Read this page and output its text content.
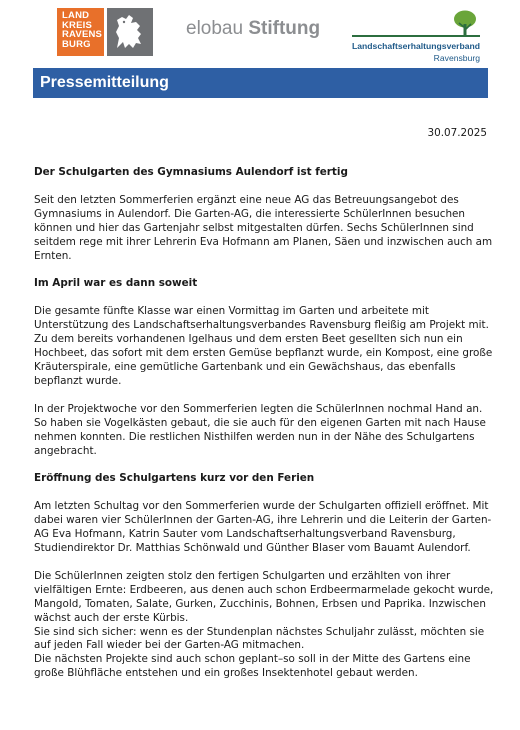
LAND
KREIS
RAVENS
BURG
elobau Stiftung
Landschaftserhaltungsverband
Ravensburg
Pressemitteilung
30.07.2025
Der Schulgarten des Gymnasiums Aulendorf ist fertig

Seit den letzten Sommerferien ergänzt eine neue AG das Betreuungsangebot des Gymnasiums in Aulendorf. Die Garten-AG, die interessierte SchülerInnen besuchen können und hier das Gartenjahr selbst mitgestalten dürfen. Sechs SchülerInnen sind seitdem rege mit ihrer Lehrerin Eva Hofmann am Planen, Säen und inzwischen auch am Ernten.

Im April war es dann soweit

Die gesamte fünfte Klasse war einen Vormittag im Garten und arbeitete mit Unterstützung des Landschaftserhaltungsverbandes Ravensburg fleißig am Projekt mit. Zu dem bereits vorhandenen Igelhaus und dem ersten Beet gesellten sich nun ein Hochbeet, das sofort mit dem ersten Gemüse bepflanzt wurde, ein Kompost, eine große Kräuterspirale, eine gemütliche Gartenbank und ein Gewächshaus, das ebenfalls bepflanzt wurde.

In der Projektwoche vor den Sommerferien legten die SchülerInnen nochmal Hand an. So haben sie Vogelkästen gebaut, die sie auch für den eigenen Garten mit nach Hause nehmen konnten. Die restlichen Nisthilfen werden nun in der Nähe des Schulgartens angebracht.

Eröffnung des Schulgartens kurz vor den Ferien

Am letzten Schultag vor den Sommerferien wurde der Schulgarten offiziell eröffnet. Mit dabei waren vier SchülerInnen der Garten-AG, ihre Lehrerin und die Leiterin der Garten-AG Eva Hofmann, Katrin Sauter vom Landschaftserhaltungsverband Ravensburg, Studiendirektor Dr. Matthias Schönwald und Günther Blaser vom Bauamt Aulendorf.

Die SchülerInnen zeigten stolz den fertigen Schulgarten und erzählten von ihrer vielfältigen Ernte: Erdbeeren, aus denen auch schon Erdbeermarmelade gekocht wurde, Mangold, Tomaten, Salate, Gurken, Zucchinis, Bohnen, Erbsen und Paprika. Inzwischen wächst auch der erste Kürbis.

Sie sind sich sicher: wenn es der Stundenplan nächstes Schuljahr zulässt, möchten sie auf jeden Fall wieder bei der Garten-AG mitmachen.

Die nächsten Projekte sind auch schon geplant–so soll in der Mitte des Gartens eine große Blühfläche entstehen und ein großes Insektenhotel gebaut werden.
